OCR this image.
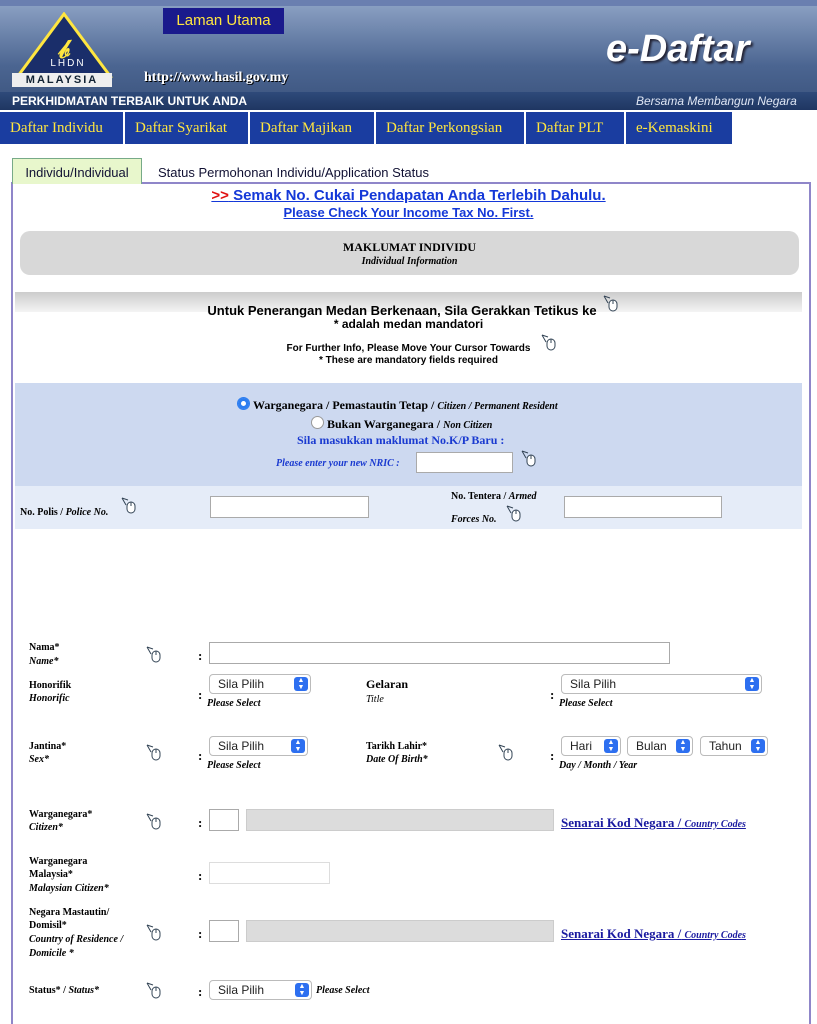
𝒷
LHDN
MALAYSIA
Laman Utama
http://www.hasil.gov.my
e-Daftar
PERKHIDMATAN TERBAIK UNTUK ANDA	Bersama Membangun Negara
Daftar Individu	Daftar Syarikat	Daftar Majikan	Daftar Perkongsian	Daftar PLT	e-Kemaskini
Individu/Individual	Status Permohonan Individu/Application Status
>> Semak No. Cukai Pendapatan Anda Terlebih Dahulu.
Please Check Your Income Tax No. First.
MAKLUMAT INDIVIDU
Individual Information
Untuk Penerangan Medan Berkenaan, Sila Gerakkan Tetikus ke
* adalah medan mandatori
For Further Info, Please Move Your Cursor Towards
* These are mandatory fields required
Warganegara / Pemastautin Tetap / Citizen / Permanent Resident
Bukan Warganegara / Non Citizen
Sila masukkan maklumat No.K/P Baru :
Please enter your new NRIC :
No. Polis / Police No.
No. Tentera / Armed
Forces No.
Nama*
Name*	:
Honorifik
Honorific	:
Sila Pilih	▲
▼
Please Select
Gelaran
Title	:
Sila Pilih	▲
▼
Please Select
Jantina*
Sex*	:
Sila Pilih	▲
▼
Please Select
Tarikh Lahir*
Date Of Birth*	:
Hari	▲
▼	Bulan	▲
▼	Tahun	▲
▼
Day / Month / Year
Warganegara*
Citizen*	:	Senarai Kod Negara / Country Codes
Warganegara
Malaysia*
Malaysian Citizen*
:
Negara Mastautin/
Domisil*
Country of Residence /
Domicile *
:	Senarai Kod Negara / Country Codes
Status* / Status*	:	Sila Pilih	▲
▼	Please Select
